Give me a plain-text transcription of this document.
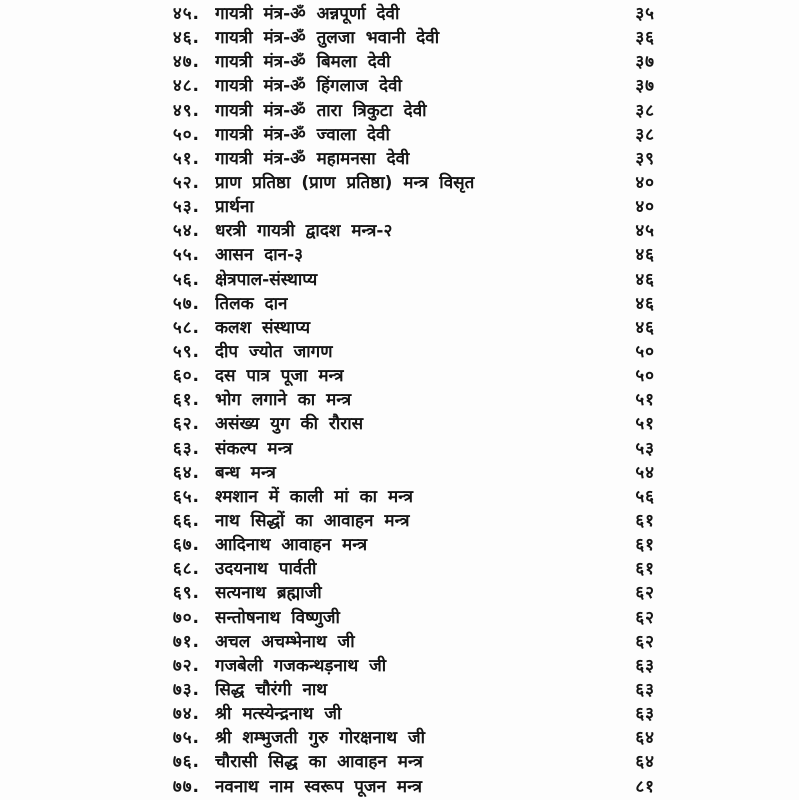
४५. गायत्री मंत्र-ॐ अन्नपूर्णा देवी	३५
४६. गायत्री मंत्र-ॐ तुलजा भवानी देवी	३६
४७. गायत्री मंत्र-ॐ बिमला देवी	३७
४८. गायत्री मंत्र-ॐ हिंगलाज देवी	३७
४९. गायत्री मंत्र-ॐ तारा त्रिकुटा देवी	३८
५०. गायत्री मंत्र-ॐ ज्वाला देवी	३८
५१. गायत्री मंत्र-ॐ महामनसा देवी	३९
५२. प्राण प्रतिष्ठा (प्राण प्रतिष्ठा) मन्त्र विसृत	४०
५३. प्रार्थना	४०
५४. धरत्री गायत्री द्वादश मन्त्र-२	४५
५५. आसन दान-३	४६
५६. क्षेत्रपाल-संस्थाप्य	४६
५७. तिलक दान	४६
५८. कलश संस्थाप्य	४६
५९. दीप ज्योत जागण	५०
६०. दस पात्र पूजा मन्त्र	५०
६१. भोग लगाने का मन्त्र	५१
६२. असंख्य युग की रौरास	५१
६३. संकल्प मन्त्र	५३
६४. बन्ध मन्त्र	५४
६५. श्मशान में काली मां का मन्त्र	५६
६६. नाथ सिद्धों का आवाहन मन्त्र	६१
६७. आदिनाथ आवाहन मन्त्र	६१
६८. उदयनाथ पार्वती	६१
६९. सत्यनाथ ब्रह्माजी	६२
७०. सन्तोषनाथ विष्णुजी	६२
७१. अचल अचम्भेनाथ जी	६२
७२. गजबेली गजकन्थड़नाथ जी	६३
७३. सिद्ध चौरंगी नाथ	६३
७४. श्री मत्स्येन्द्रनाथ जी	६३
७५. श्री शम्भुजती गुरु गोरक्षनाथ जी	६४
७६. चौरासी सिद्ध का आवाहन मन्त्र	६४
७७. नवनाथ नाम स्वरूप पूजन मन्त्र	८१
